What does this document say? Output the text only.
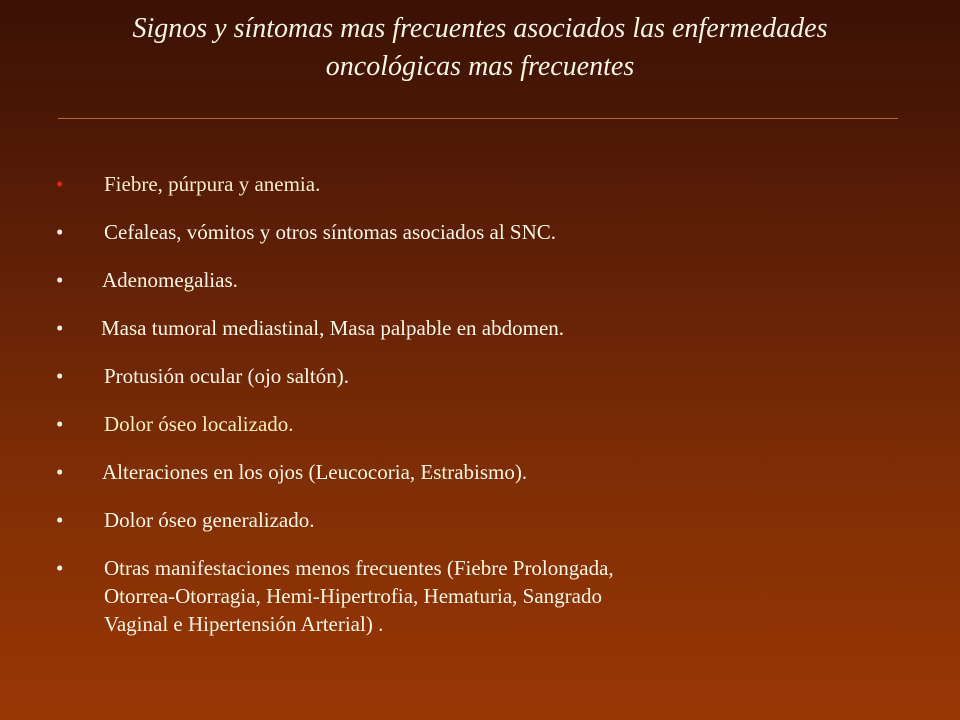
Signos y síntomas mas frecuentes asociados las enfermedades
oncológicas mas frecuentes
• Fiebre, púrpura y anemia.
• Cefaleas, vómitos y otros síntomas asociados al SNC.
• Adenomegalias.
• Masa tumoral mediastinal, Masa palpable en abdomen.
• Protusión ocular (ojo saltón).
• Dolor óseo localizado.
• Alteraciones en los ojos (Leucocoria, Estrabismo).
• Dolor óseo generalizado.
• Otras manifestaciones menos frecuentes (Fiebre Prolongada,
Otorrea-Otorragia, Hemi-Hipertrofia, Hematuria, Sangrado
Vaginal e Hipertensión Arterial) .
